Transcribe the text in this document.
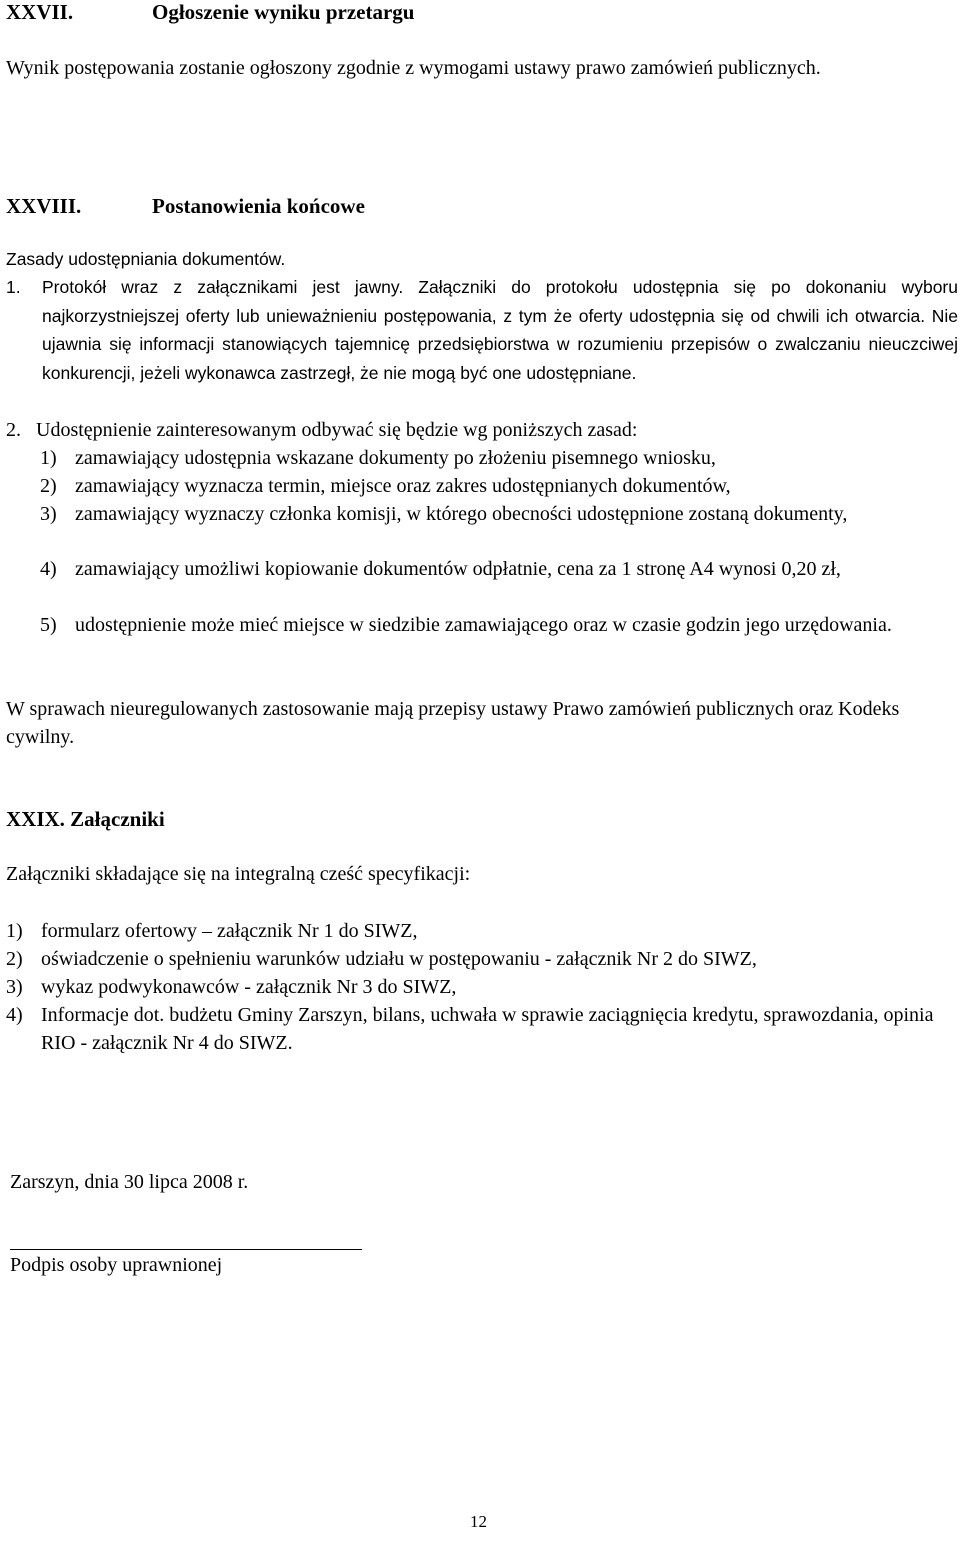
XXVII.	Ogłoszenie wyniku przetargu
Wynik postępowania zostanie ogłoszony zgodnie z wymogami ustawy prawo zamówień publicznych.
XXVIII.	Postanowienia końcowe
Zasady udostępniania dokumentów.
1. Protokół wraz z załącznikami jest jawny. Załączniki do protokołu udostępnia się po dokonaniu wyboru najkorzystniejszej oferty lub unieważnieniu postępowania, z tym że oferty udostępnia się od chwili ich otwarcia. Nie ujawnia się informacji stanowiących tajemnicę przedsiębiorstwa w rozumieniu przepisów o zwalczaniu nieuczciwej konkurencji, jeżeli wykonawca zastrzegł, że nie mogą być one udostępniane.
2. Udostępnienie zainteresowanym odbywać się będzie wg poniższych zasad:
1) zamawiający udostępnia wskazane dokumenty po złożeniu pisemnego wniosku,
2) zamawiający wyznacza termin, miejsce oraz zakres udostępnianych dokumentów,
3) zamawiający wyznaczy członka komisji, w którego obecności udostępnione zostaną dokumenty,
4) zamawiający umożliwi kopiowanie dokumentów odpłatnie, cena za 1 stronę A4 wynosi 0,20 zł,
5) udostępnienie może mieć miejsce w siedzibie zamawiającego oraz w czasie godzin jego urzędowania.
W sprawach nieuregulowanych zastosowanie mają przepisy ustawy Prawo zamówień publicznych oraz Kodeks cywilny.
XXIX. Załączniki
Załączniki składające się na integralną cześć specyfikacji:
1) formularz ofertowy – załącznik Nr 1 do SIWZ,
2) oświadczenie o spełnieniu warunków udziału w postępowaniu - załącznik Nr 2 do SIWZ,
3) wykaz podwykonawców - załącznik Nr 3 do SIWZ,
4) Informacje dot. budżetu Gminy Zarszyn, bilans, uchwała w sprawie zaciągnięcia kredytu, sprawozdania, opinia RIO - załącznik Nr 4 do SIWZ.
Zarszyn, dnia 30 lipca 2008 r.
Podpis osoby uprawnionej
12
